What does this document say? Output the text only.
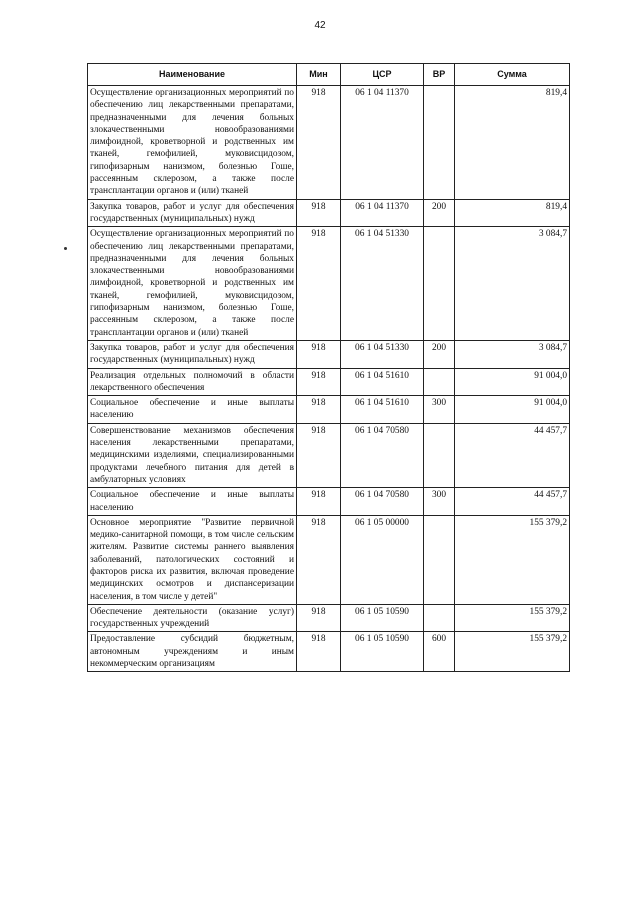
42
Наименование	Мин	ЦСР	ВР	Сумма
Осуществление организационных мероприятий по обеспечению лиц лекарственными препаратами, предназначенными для лечения больных злокачественными новообразованиями лимфоидной, кроветворной и родственных им тканей, гемофилией, муковисцидозом, гипофизарным нанизмом, болезнью Гоше, рассеянным склерозом, а также после трансплантации органов и (или) тканей	918	06 1 04 11370		819,4
Закупка товаров, работ и услуг для обеспечения государственных (муниципальных) нужд	918	06 1 04 11370	200	819,4
Осуществление организационных мероприятий по обеспечению лиц лекарственными препаратами, предназначенными для лечения больных злокачественными новообразованиями лимфоидной, кроветворной и родственных им тканей, гемофилией, муковисцидозом, гипофизарным нанизмом, болезнью Гоше, рассеянным склерозом, а также после трансплантации органов и (или) тканей	918	06 1 04 51330		3 084,7
Закупка товаров, работ и услуг для обеспечения государственных (муниципальных) нужд	918	06 1 04 51330	200	3 084,7
Реализация отдельных полномочий в области лекарственного обеспечения	918	06 1 04 51610		91 004,0
Социальное обеспечение и иные выплаты населению	918	06 1 04 51610	300	91 004,0
Совершенствование механизмов обеспечения населения лекарственными препаратами, медицинскими изделиями, специализированными продуктами лечебного питания для детей в амбулаторных условиях	918	06 1 04 70580		44 457,7
Социальное обеспечение и иные выплаты населению	918	06 1 04 70580	300	44 457,7
Основное мероприятие "Развитие первичной медико-санитарной помощи, в том числе сельским жителям. Развитие системы раннего выявления заболеваний, патологических состояний и факторов риска их развития, включая проведение медицинских осмотров и диспансеризации населения, в том числе у детей"	918	06 1 05 00000		155 379,2
Обеспечение деятельности (оказание услуг) государственных учреждений	918	06 1 05 10590		155 379,2
Предоставление субсидий бюджетным, автономным учреждениям и иным некоммерческим организациям	918	06 1 05 10590	600	155 379,2
